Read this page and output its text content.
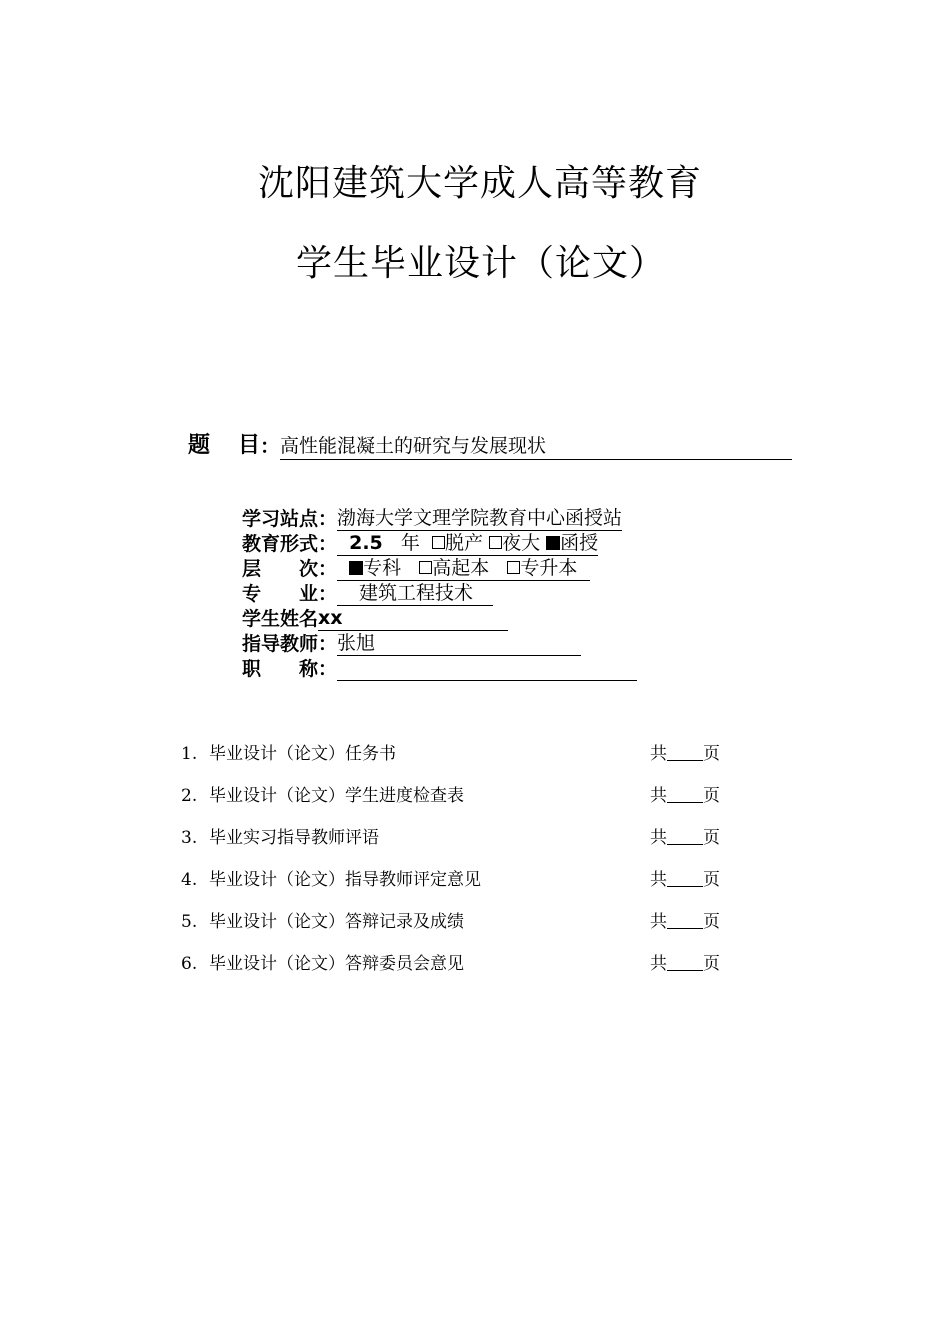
沈阳建筑大学成人高等教育
学生毕业设计（论文）
题 目 ： 高性能混凝土的研究与发展现状
学习站点： 渤海大学文理学院教育中心函授站
教育形式： 2.5 年 脱产 夜大 函授
层 次：	专科 高起本 专升本
专 业：	建筑工程技术
学生姓名 xx
指导教师： 张旭
职 称：
1. 毕业设计（论文）任务书	共 页
2. 毕业设计（论文）学生进度检查表	共 页
3. 毕业实习指导教师评语	共 页
4. 毕业设计（论文）指导教师评定意见	共 页
5. 毕业设计（论文）答辩记录及成绩	共 页
6. 毕业设计（论文）答辩委员会意见	共 页
